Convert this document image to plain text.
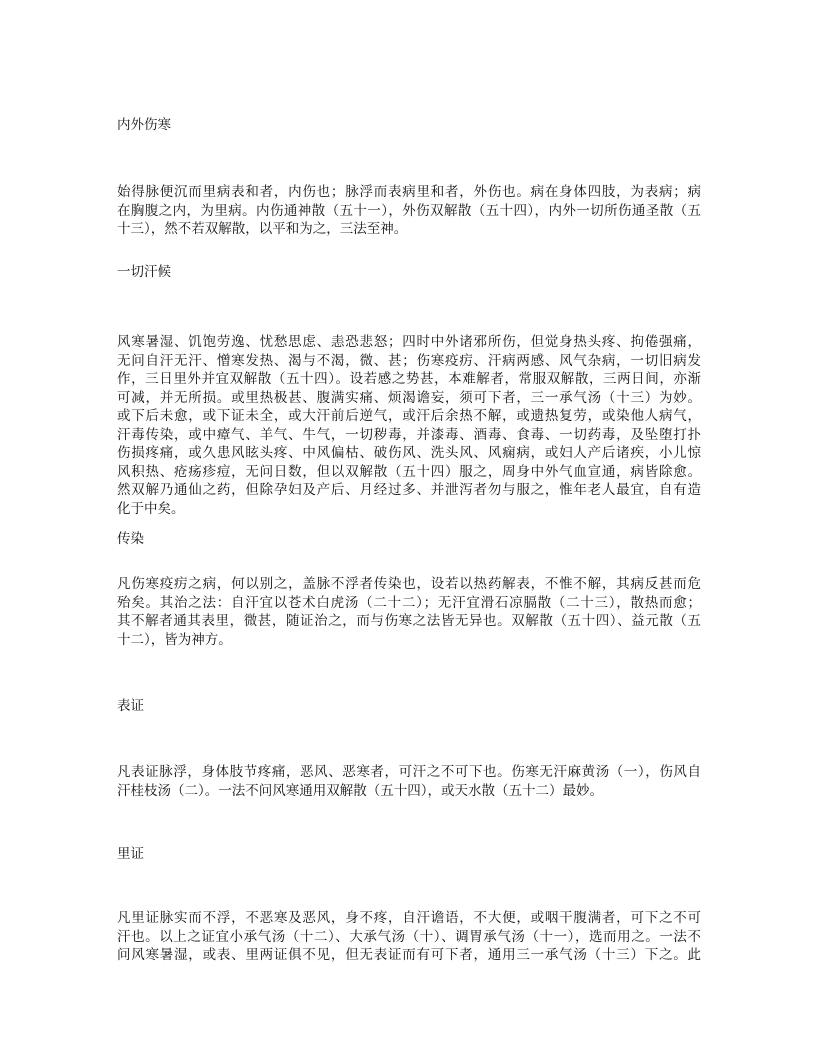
内外伤寒
始得脉便沉而里病表和者，内伤也；脉浮而表病里和者，外伤也。病在身体四肢，为表病；病
在胸腹之内，为里病。内伤通神散（五十一），外伤双解散（五十四），内外一切所伤通圣散（五
十三），然不若双解散，以平和为之，三法至神。
一切汗候
风寒暑湿、饥饱劳逸、忧愁思虑、恚恐悲怒；四时中外诸邪所伤，但觉身热头疼、拘倦强痛，
无问自汗无汗、憎寒发热、渴与不渴，微、甚；伤寒疫疠、汗病两感、风气杂病，一切旧病发
作，三日里外并宜双解散（五十四）。设若感之势甚，本难解者，常服双解散，三两日间，亦渐
可减，并无所损。或里热极甚、腹满实痛、烦渴谵妄，须可下者，三一承气汤（十三）为妙。
或下后未愈，或下证未全，或大汗前后逆气，或汗后余热不解，或遗热复劳，或染他人病气，
汗毒传染，或中瘴气、羊气、牛气，一切秽毒，并漆毒、酒毒、食毒、一切药毒，及坠堕打扑
伤损疼痛，或久患风眩头疼、中风偏枯、破伤风、洗头风、风痫病，或妇人产后诸疾，小儿惊
风积热、疮疡疹痘，无问日数，但以双解散（五十四）服之，周身中外气血宣通，病皆除愈。
然双解乃通仙之药，但除孕妇及产后、月经过多、并泄泻者勿与服之，惟年老人最宜，自有造
化于中矣。
传染
凡伤寒疫疠之病，何以别之，盖脉不浮者传染也，设若以热药解表，不惟不解，其病反甚而危
殆矣。其治之法：自汗宜以苍术白虎汤（二十二）；无汗宜滑石凉膈散（二十三），散热而愈；
其不解者通其表里，微甚，随证治之，而与伤寒之法皆无异也。双解散（五十四）、益元散（五
十二），皆为神方。
表证
凡表证脉浮，身体肢节疼痛，恶风、恶寒者，可汗之不可下也。伤寒无汗麻黄汤（一），伤风自
汗桂枝汤（二）。一法不问风寒通用双解散（五十四），或天水散（五十二）最妙。
里证
凡里证脉实而不浮，不恶寒及恶风，身不疼，自汗谵语，不大便，或咽干腹满者，可下之不可
汗也。以上之证宜小承气汤（十二）、大承气汤（十）、调胃承气汤（十一），选而用之。一法不
问风寒暑湿，或表、里两证俱不见，但无表证而有可下者，通用三一承气汤（十三）下之。此
